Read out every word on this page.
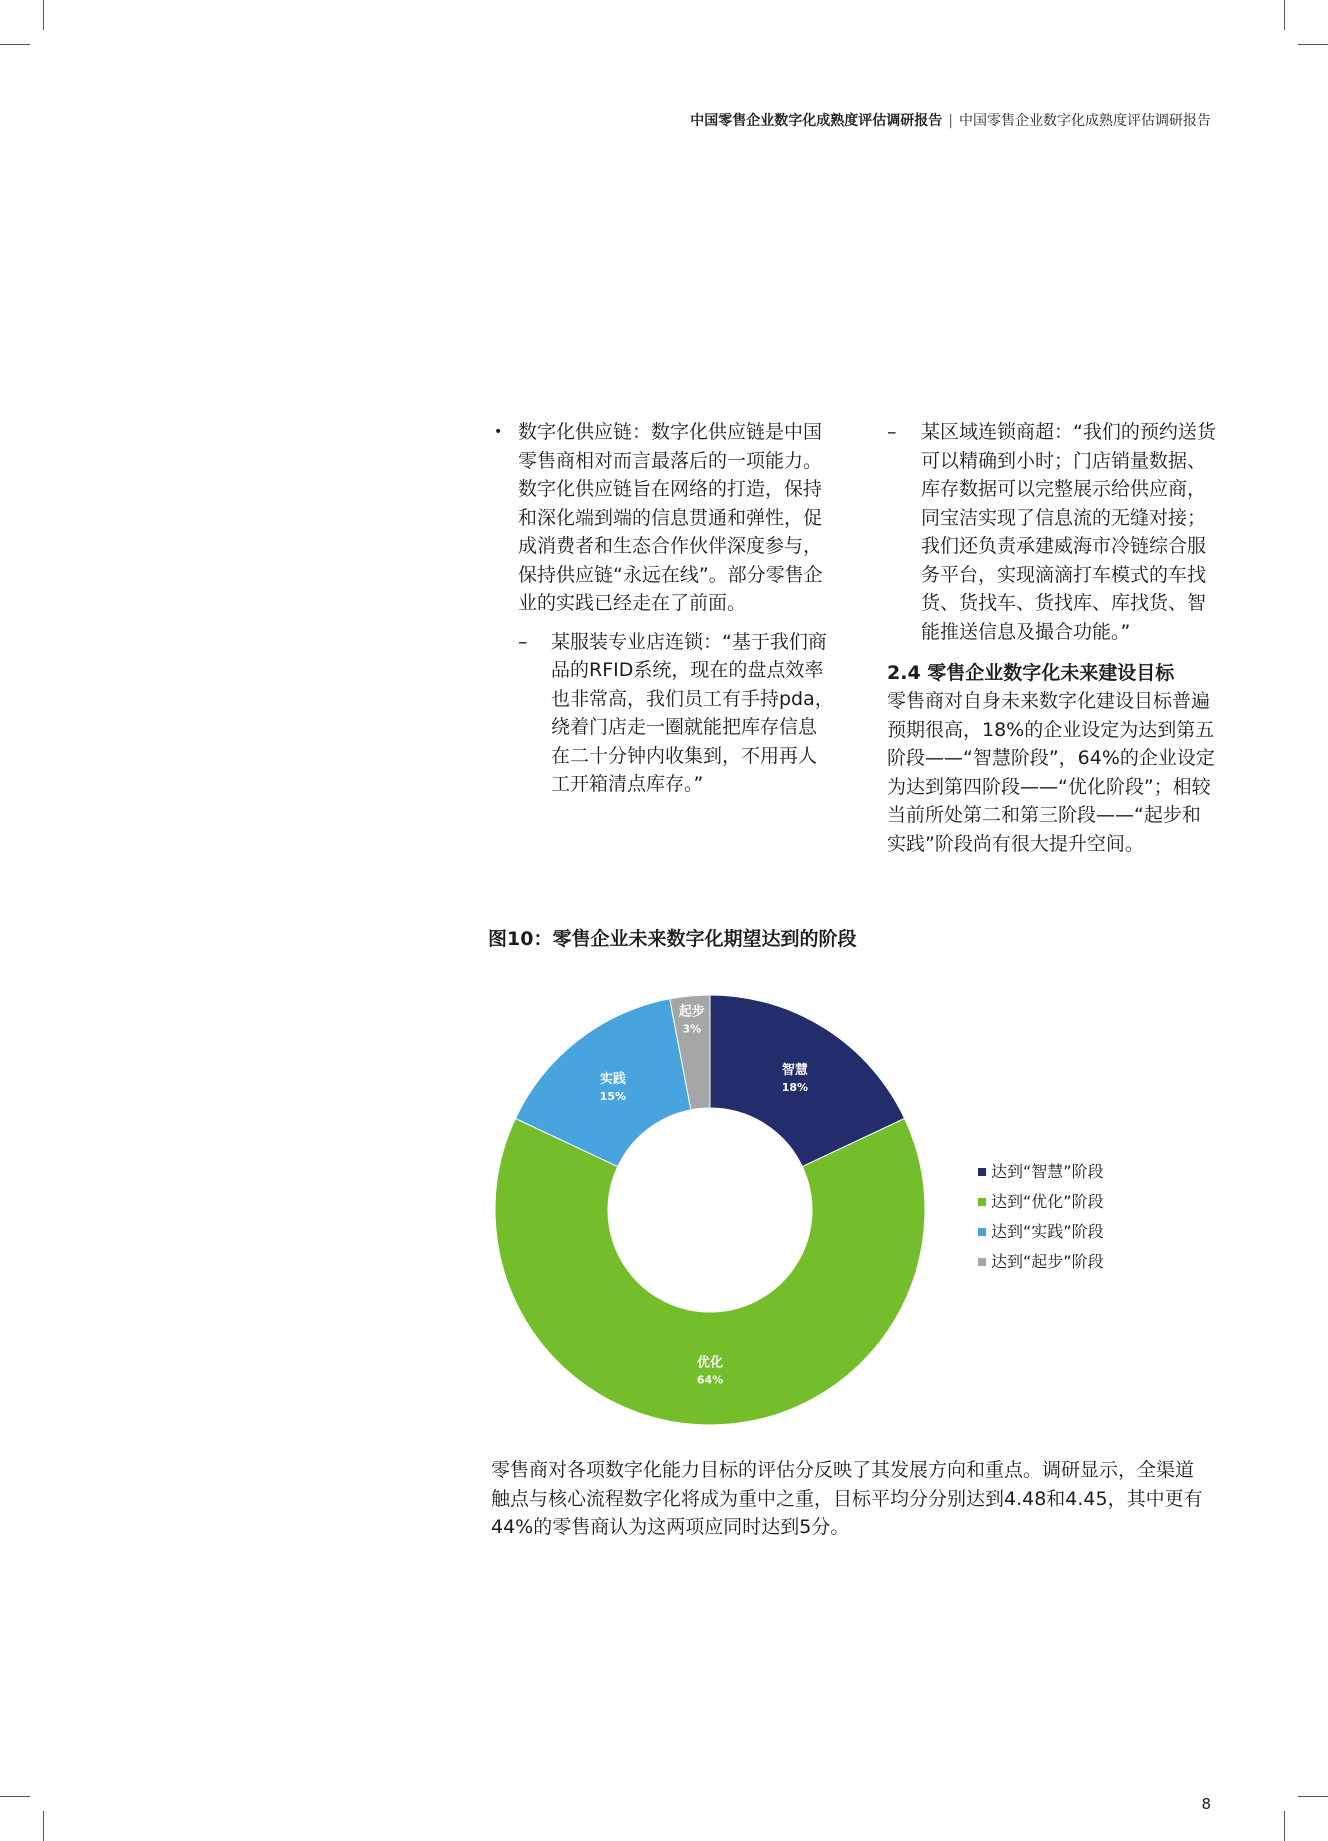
中国零售企业数字化成熟度评估调研报告 | 中国零售企业数字化成熟度评估调研报告
• 数字化供应链：数字化供应链是中国零售商相对而言最落后的一项能力。数字化供应链旨在网络的打造，保持和深化端到端的信息贯通和弹性，促成消费者和生态合作伙伴深度参与，保持供应链“永远在线”。部分零售企业的实践已经走在了前面。
– 某服装专业店连锁：“基于我们商品的RFID系统，现在的盘点效率也非常高，我们员工有手持pda，绕着门店走一圈就能把库存信息在二十分钟内收集到，不用再人工开箱清点库存。”
– 某区域连锁商超：“我们的预约送货可以精确到小时；门店销量数据、库存数据可以完整展示给供应商，同宝洁实现了信息流的无缝对接；我们还负责承建威海市冷链综合服务平台，实现滴滴打车模式的车找货、货找车、货找库、库找货、智能推送信息及撮合功能。”
2.4 零售企业数字化未来建设目标
零售商对自身未来数字化建设目标普遍预期很高，18%的企业设定为达到第五阶段——“智慧阶段”，64%的企业设定为达到第四阶段——“优化阶段”；相较当前所处第二和第三阶段——“起步和实践”阶段尚有很大提升空间。
图10：零售企业未来数字化期望达到的阶段
智慧
18%
优化
64%
实践
15%
起步
3%
达到“智慧”阶段
达到“优化”阶段
达到“实践”阶段
达到“起步”阶段
零售商对各项数字化能力目标的评估分反映了其发展方向和重点。调研显示，全渠道触点与核心流程数字化将成为重中之重，目标平均分分别达到4.48和4.45，其中更有44%的零售商认为这两项应同时达到5分。
8
